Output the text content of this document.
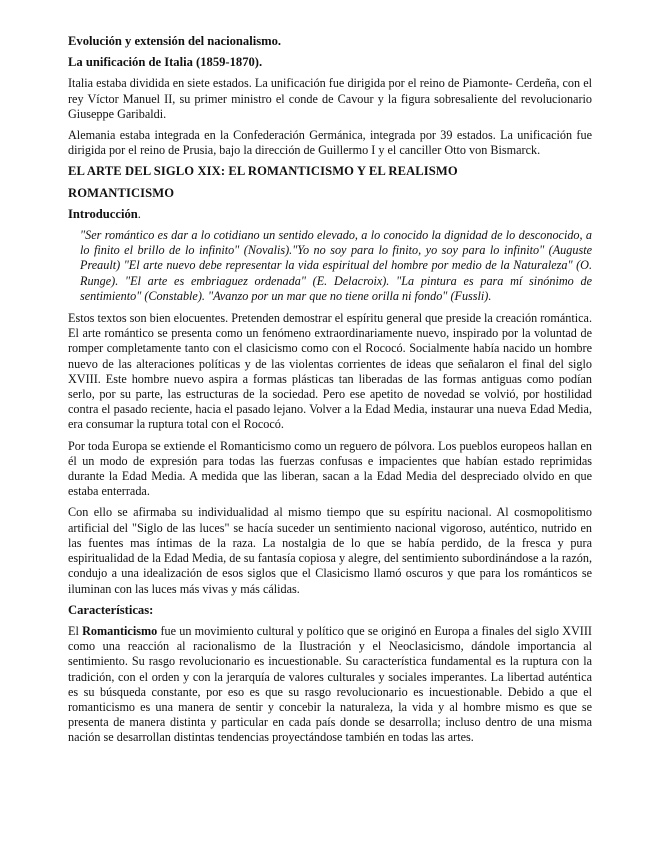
Evolución y extensión del nacionalismo.
La unificación de Italia (1859-1870).

Italia estaba dividida en siete estados. La unificación fue dirigida por el reino de Piamonte- Cerdeña, con el rey Víctor Manuel II, su primer ministro el conde de Cavour y la figura sobresaliente del revolucionario Giuseppe Garibaldi.

Alemania estaba integrada en la Confederación Germánica, integrada por 39 estados. La unificación fue dirigida por el reino de Prusia, bajo la dirección de Guillermo I y el canciller Otto von Bismarck.

EL ARTE DEL SIGLO XIX: EL ROMANTICISMO Y EL REALISMO
ROMANTICISMO
Introducción.
"Ser romántico es dar a lo cotidiano un sentido elevado, a lo conocido la dignidad de lo desconocido, a lo finito el brillo de lo infinito" (Novalis)."Yo no soy para lo finito, yo soy para lo infinito" (Auguste Preault) "El arte nuevo debe representar la vida espiritual del hombre por medio de la Naturaleza" (O. Runge). "El arte es embriaguez ordenada" (E. Delacroix). "La pintura es para mí sinónimo de sentimiento" (Constable). "Avanzo por un mar que no tiene orilla ni fondo" (Fussli).

Estos textos son bien elocuentes. Pretenden demostrar el espíritu general que preside la creación romántica. El arte romántico se presenta como un fenómeno extraordinariamente nuevo, inspirado por la voluntad de romper completamente tanto con el clasicismo como con el Rococó. Socialmente había nacido un hombre nuevo de las alteraciones políticas y de las violentas corrientes de ideas que señalaron el final del siglo XVIII. Este hombre nuevo aspira a formas plásticas tan liberadas de las formas antiguas como podían serlo, por su parte, las estructuras de la sociedad. Pero ese apetito de novedad se volvió, por hostilidad contra el pasado reciente, hacia el pasado lejano. Volver a la Edad Media, instaurar una nueva Edad Media, era consumar la ruptura total con el Rococó.

Por toda Europa se extiende el Romanticismo como un reguero de pólvora. Los pueblos europeos hallan en él un modo de expresión para todas las fuerzas confusas e impacientes que habían estado reprimidas durante la Edad Media. A medida que las liberan, sacan a la Edad Media del despreciado olvido en que estaba enterrada.

Con ello se afirmaba su individualidad al mismo tiempo que su espíritu nacional. Al cosmopolitismo artificial del "Siglo de las luces" se hacía suceder un sentimiento nacional vigoroso, auténtico, nutrido en las fuentes mas íntimas de la raza. La nostalgia de lo que se había perdido, de la fresca y pura espiritualidad de la Edad Media, de su fantasía copiosa y alegre, del sentimiento subordinándose a la razón, condujo a una idealización de esos siglos que el Clasicismo llamó oscuros y que para los románticos se iluminan con las luces más vivas y más cálidas.

Características:

El Romanticismo fue un movimiento cultural y político que se originó en Europa a finales del siglo XVIII como una reacción al racionalismo de la Ilustración y el Neoclasicismo, dándole importancia al sentimiento. Su rasgo revolucionario es incuestionable. Su característica fundamental es la ruptura con la tradición, con el orden y con la jerarquía de valores culturales y sociales imperantes. La libertad auténtica es su búsqueda constante, por eso es que su rasgo revolucionario es incuestionable. Debido a que el romanticismo es una manera de sentir y concebir la naturaleza, la vida y al hombre mismo es que se presenta de manera distinta y particular en cada país donde se desarrolla; incluso dentro de una misma nación se desarrollan distintas tendencias proyectándose también en todas las artes.
